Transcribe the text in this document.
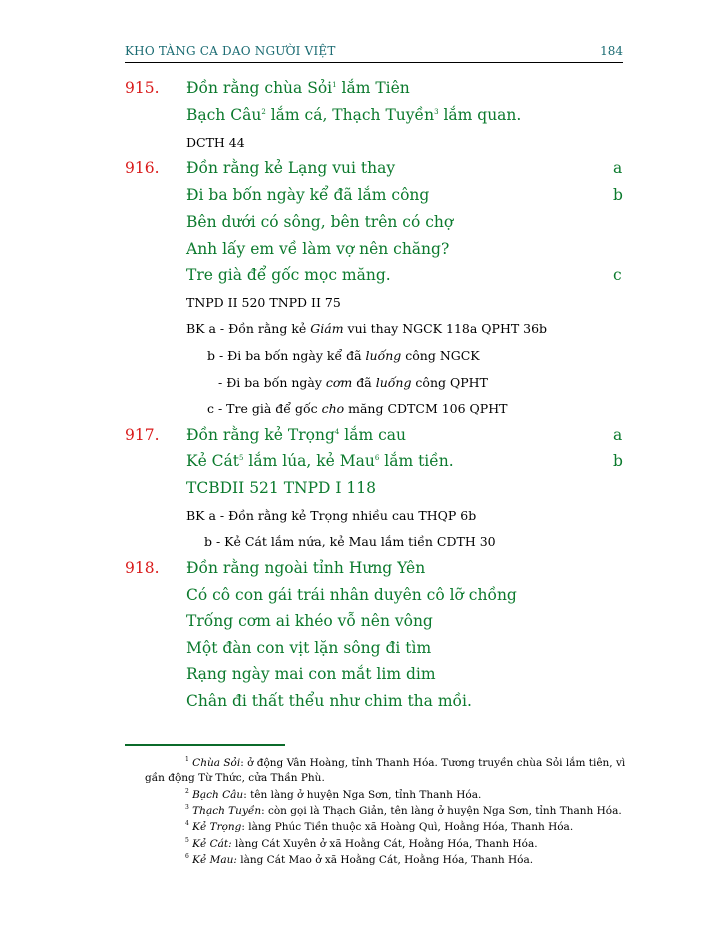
KHO TÀNG CA DAO NGƯỜI VIỆT	184
915. Đồn rằng chùa Sỏi$^1$ lắm Tiên
Bạch Câu$^2$ lắm cá, Thạch Tuyền$^3$ lắm quan.
DCTH 44
916. Đồn rằng kẻ Lạng vui thay	a
Đi ba bốn ngày kể đã lắm công	b
Bên dưới có sông, bên trên có chợ
Anh lấy em về làm vợ nên chăng?
Tre già để gốc mọc măng.	c
TNPD II 520 TNPD II 75
BK a - Đồn rằng kẻ Giám vui thay NGCK 118a QPHT 36b
b - Đi ba bốn ngày kể đã luống công NGCK
- Đi ba bốn ngày cơm đã luống công QPHT
c - Tre già để gốc cho măng CDTCM 106 QPHT
917. Đồn rằng kẻ Trọng$^4$ lắm cau	a
Kẻ Cát$^5$ lắm lúa, kẻ Mau$^6$ lắm tiền.	b
TCBDII 521 TNPD I 118
BK a - Đồn rằng kẻ Trọng nhiều cau THQP 6b
b - Kẻ Cát lắm nứa, kẻ Mau lắm tiền CDTH 30
918. Đồn rằng ngoài tỉnh Hưng Yên
Có cô con gái trái nhân duyên cô lỡ chồng
Trống cơm ai khéo vỗ nên vông
Một đàn con vịt lặn sông đi tìm
Rạng ngày mai con mắt lim dim
Chân đi thất thểu như chim tha mồi.
$^1$ Chùa Sỏi: ở động Vân Hoàng, tỉnh Thanh Hóa. Tương truyền chùa Sỏi lắm tiên, vì
gần động Từ Thức, cửa Thần Phù.
$^2$ Bạch Câu: tên làng ở huyện Nga Sơn, tỉnh Thanh Hóa.
$^3$ Thạch Tuyền: còn gọi là Thạch Giản, tên làng ở huyện Nga Sơn, tỉnh Thanh Hóa.
$^4$ Kẻ Trọng: làng Phúc Tiền thuộc xã Hoàng Quì, Hoằng Hóa, Thanh Hóa.
$^5$ Kẻ Cát: làng Cát Xuyên ở xã Hoằng Cát, Hoằng Hóa, Thanh Hóa.
$^6$ Kẻ Mau: làng Cát Mao ở xã Hoằng Cát, Hoằng Hóa, Thanh Hóa.
